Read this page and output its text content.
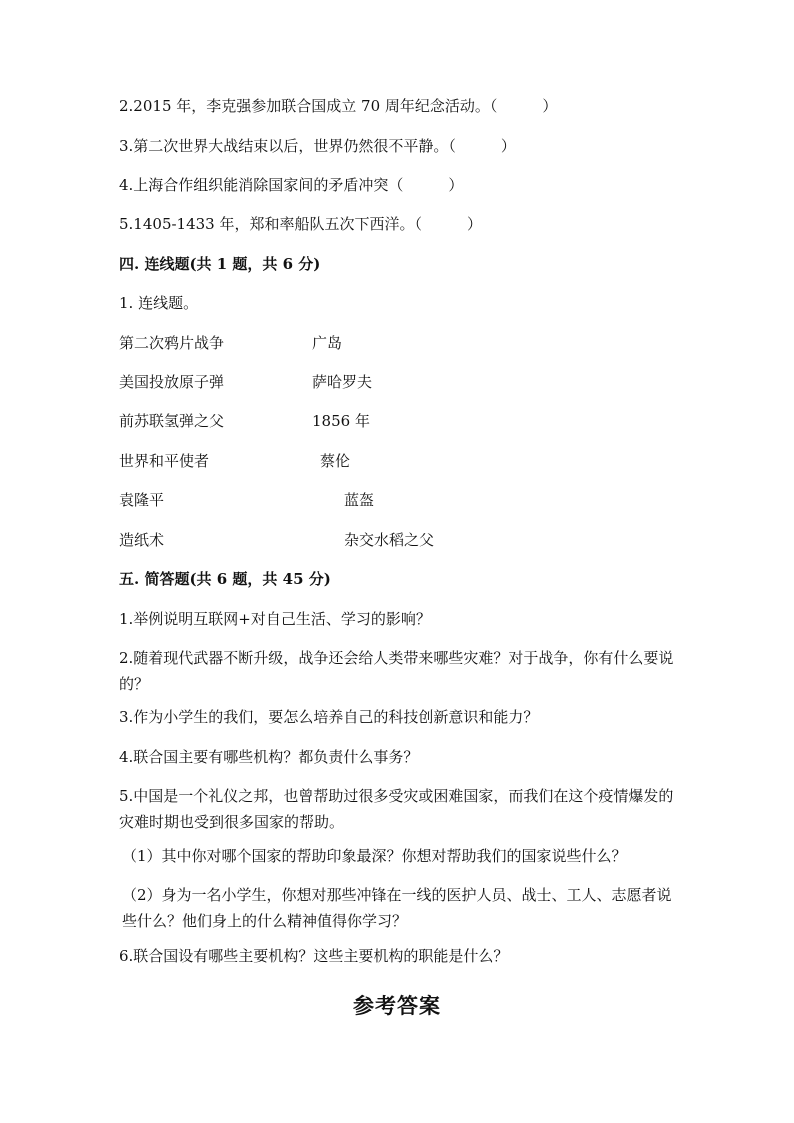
2.2015 年，李克强参加联合国成立 70 周年纪念活动。（　　　）
3.第二次世界大战结束以后，世界仍然很不平静。（　　　）
4.上海合作组织能消除国家间的矛盾冲突（　　　）
5.1405-1433 年，郑和率船队五次下西洋。（　　　）
四. 连线题(共 1 题，共 6 分)
1. 连线题。
第二次鸦片战争	广岛
美国投放原子弹	萨哈罗夫
前苏联氢弹之父	1856 年
世界和平使者	蔡伦
袁隆平	蓝盔
造纸术	杂交水稻之父
五. 简答题(共 6 题，共 45 分)
1.举例说明互联网+对自己生活、学习的影响？
2.随着现代武器不断升级，战争还会给人类带来哪些灾难？对于战争，你有什么要说的？
3.作为小学生的我们，要怎么培养自己的科技创新意识和能力？
4.联合国主要有哪些机构？都负责什么事务？
5.中国是一个礼仪之邦，也曾帮助过很多受灾或困难国家，而我们在这个疫情爆发的灾难时期也受到很多国家的帮助。
（1）其中你对哪个国家的帮助印象最深？你想对帮助我们的国家说些什么？
（2）身为一名小学生，你想对那些冲锋在一线的医护人员、战士、工人、志愿者说些什么？他们身上的什么精神值得你学习？
6.联合国设有哪些主要机构？这些主要机构的职能是什么？
参考答案
